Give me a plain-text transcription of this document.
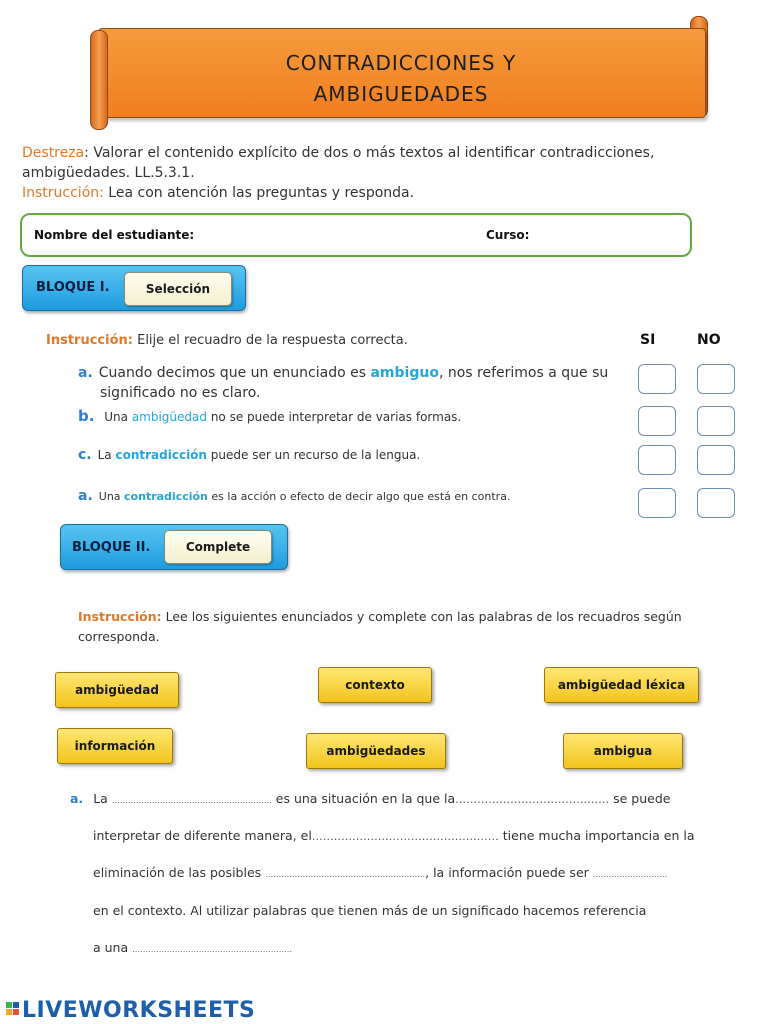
CONTRADICCIONES Y
AMBIGUEDADES
Destreza: Valorar el contenido explícito de dos o más textos al identificar contradicciones,
ambigüedades. LL.5.3.1.
Instrucción: Lea con atención las preguntas y responda.
Nombre del estudiante:	Curso:
BLOQUE I.	Selección
Instrucción: Elije el recuadro de la respuesta correcta.	SI	NO
a. Cuando decimos que un enunciado es ambiguo, nos referimos a que su
significado no es claro.
b. Una ambigüedad no se puede interpretar de varias formas.
c. La contradicción puede ser un recurso de la lengua.
a. Una contradicción es la acción o efecto de decir algo que está en contra.
BLOQUE II.	Complete
Instrucción: Lee los siguientes enunciados y complete con las palabras de los recuadros según
corresponda.
ambigüedad	contexto	ambigüedad léxica
información	ambigüedades	ambigua
a. La …………………………………………………… es una situación en la que la…………………………………… se puede
interpretar de diferente manera, el…………………………………………… tiene mucha importancia en la
eliminación de las posibles ……………………………………………………, la información puede ser ……………………….
en el contexto. Al utilizar palabras que tienen más de un significado hacemos referencia
a una ……………………………………………………
LIVEWORKSHEETS
